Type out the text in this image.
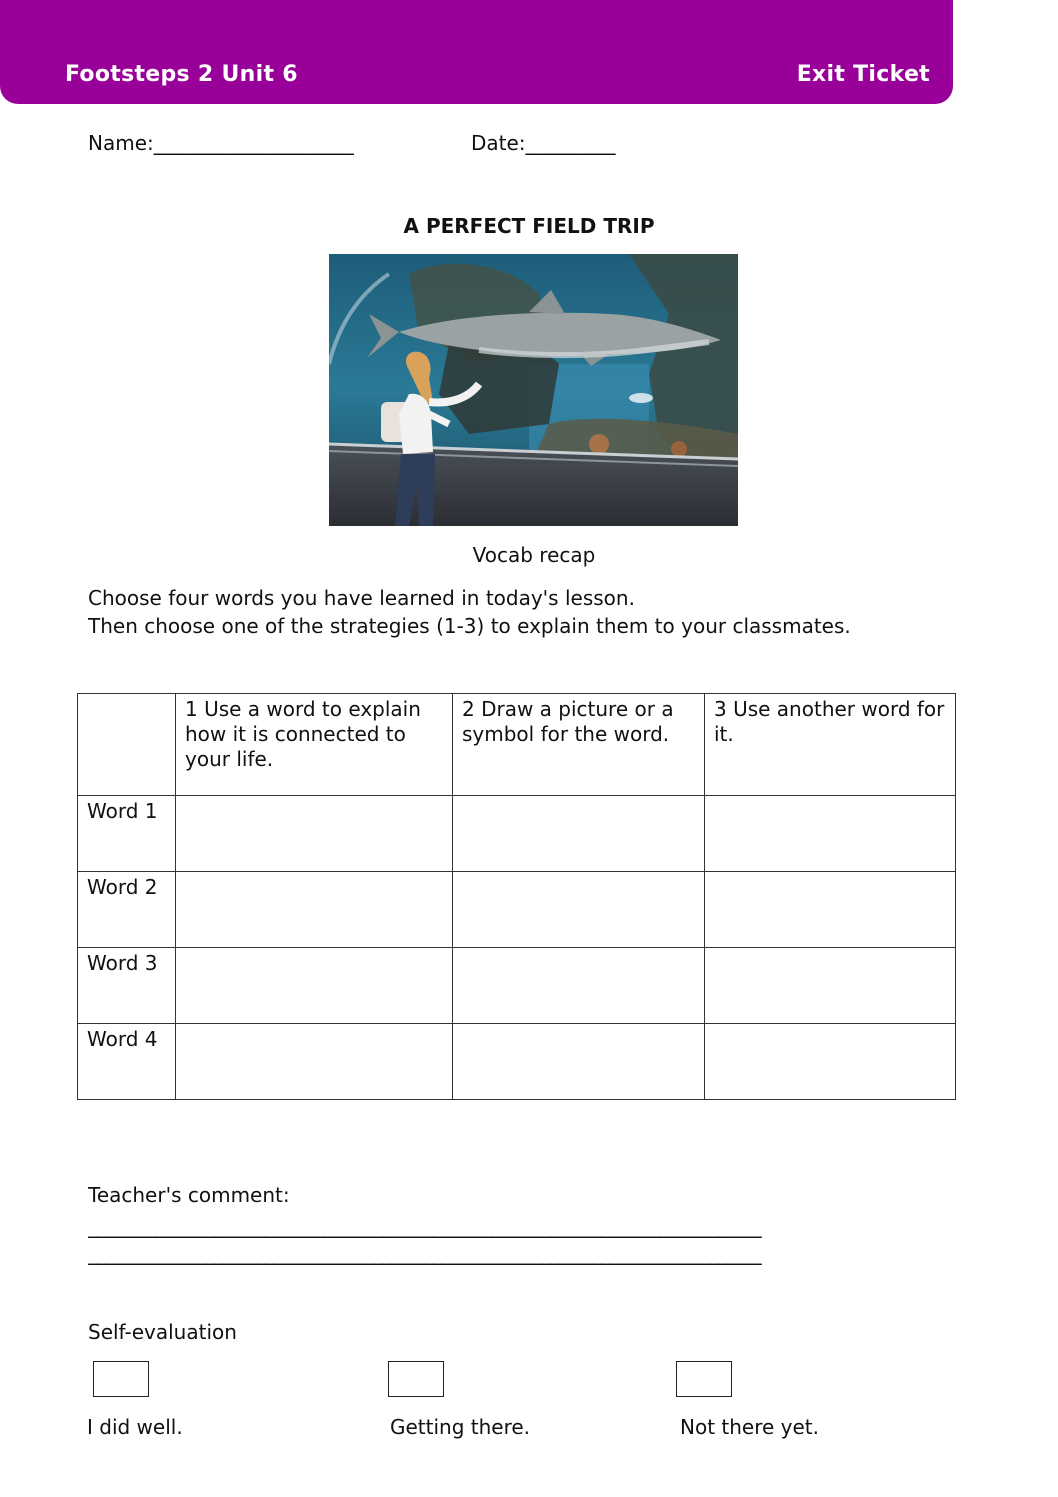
Footsteps 2 Unit 6	Exit Ticket
Name:____________________	Date:_________
A PERFECT FIELD TRIP
Vocab recap
Choose four words you have learned in today's lesson.
Then choose one of the strategies (1-3) to explain them to your classmates.
	1 Use a word to explain how it is connected to your life.	2 Draw a picture or a symbol for the word.	3 Use another word for it.
Word 1			
Word 2			
Word 3			
Word 4			
Teacher's comment:
________________________________________________________________________________
________________________________________________________________________________
Self-evaluation
I did well.	Getting there.	Not there yet.
